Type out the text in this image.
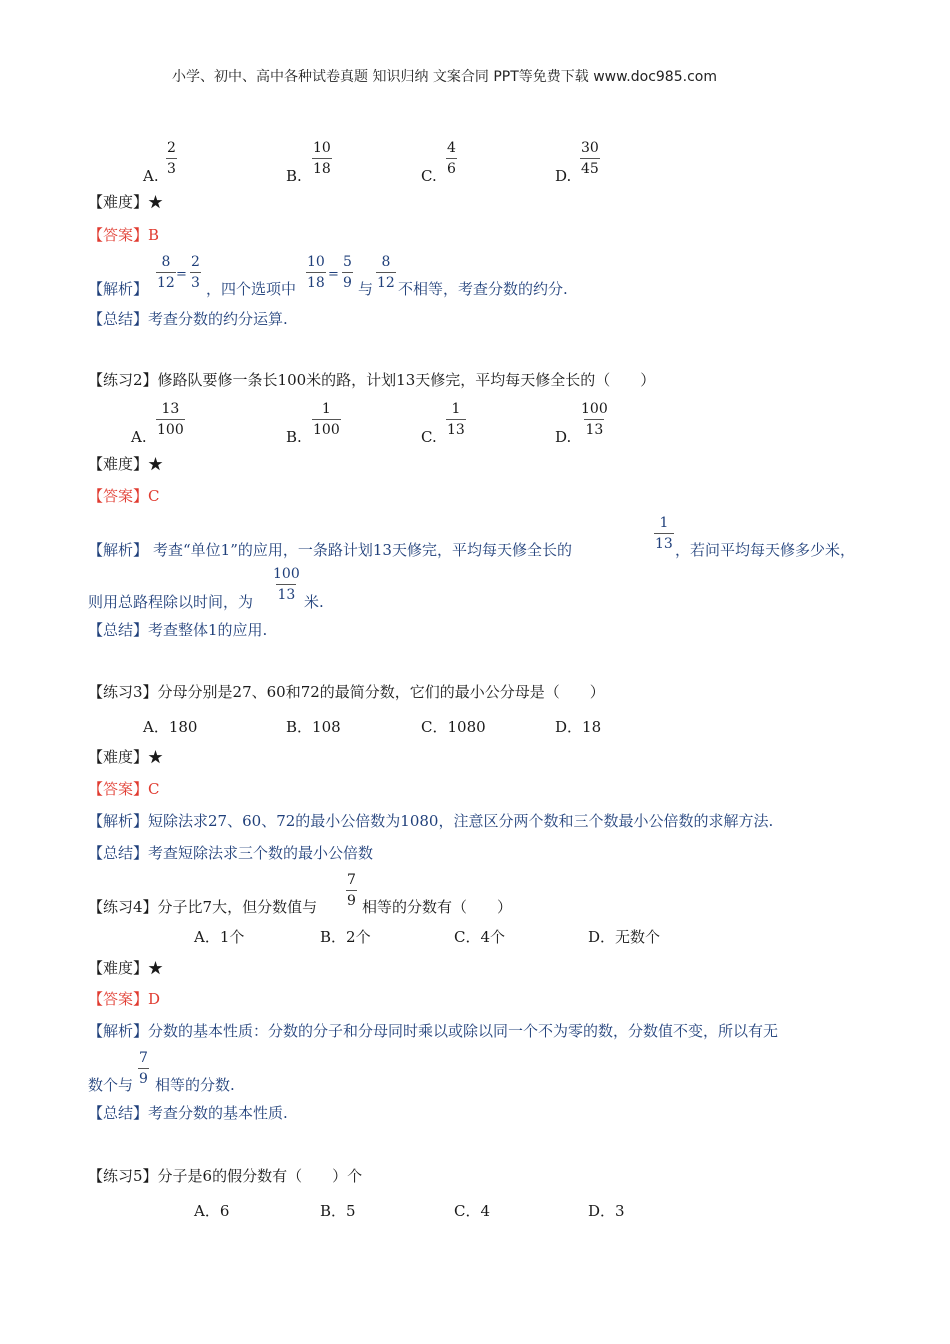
小学、初中、高中各种试卷真题 知识归纳 文案合同 PPT等免费下载 www.doc985.com
A. $\frac{2}{3}$	B. $\frac{10}{18}$	C. $\frac{4}{6}$	D. $\frac{30}{45}$
【难度】★
【答案】B
【解析】 $\frac{8}{12} = \frac{2}{3}$ ，四个选项中 $\frac{10}{18} = \frac{5}{9}$ 与 $\frac{8}{12}$ 不相等，考查分数的约分.
【总结】考查分数的约分运算.
【练习2】修路队要修一条长100米的路，计划13天修完，平均每天修全长的（　　）
A. $\frac{13}{100}$	B. $\frac{1}{100}$	C. $\frac{1}{13}$	D. $\frac{100}{13}$
【难度】★
【答案】C
【解析】 考查“单位1”的应用，一条路计划13天修完，平均每天修全长的	$\frac{1}{13}$ ，若问平均每天修多少米，
则用总路程除以时间，为 $\frac{100}{13}$ 米.
【总结】考查整体1的应用.
【练习3】分母分别是27、60和72的最简分数，它们的最小公分母是（　　）
A．180	B．108	C．1080	D．18
【难度】★
【答案】C
【解析】短除法求27、60、72的最小公倍数为1080，注意区分两个数和三个数最小公倍数的求解方法.
【总结】考查短除法求三个数的最小公倍数
【练习4】分子比7大，但分数值与 $\frac{7}{9}$ 相等的分数有（　　）
A．1个	B．2个	C．4个	D．无数个
【难度】★
【答案】D
【解析】分数的基本性质：分数的分子和分母同时乘以或除以同一个不为零的数，分数值不变，所以有无
数个与 $\frac{7}{9}$ 相等的分数.
【总结】考查分数的基本性质.
【练习5】分子是6的假分数有（　　）个
A．6	B．5	C．4	D．3
